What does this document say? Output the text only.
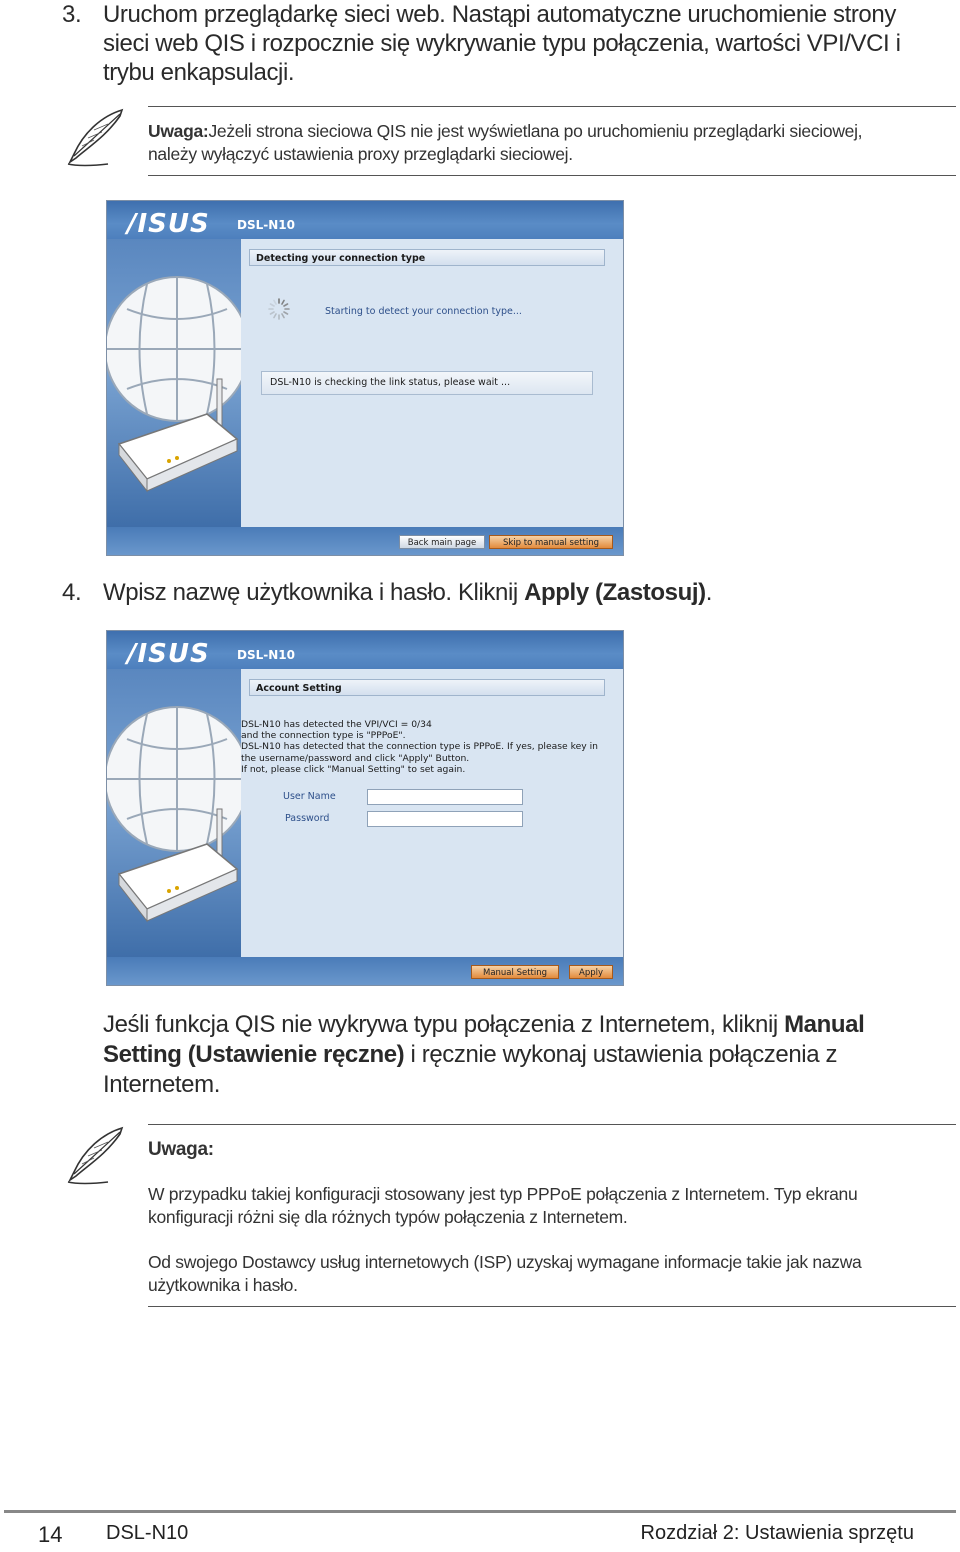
3. Uruchom przeglądarkę sieci web. Nastąpi automatyczne uruchomienie strony
sieci web QIS i rozpocznie się wykrywanie typu połączenia, wartości VPI/VCI i
trybu enkapsulacji.
Uwaga:Jeżeli strona sieciowa QIS nie jest wyświetlana po uruchomieniu przeglądarki sieciowej,
należy wyłączyć ustawienia proxy przeglądarki sieciowej.
/ISUS DSL-N10
Detecting your connection type
Starting to detect your connection type...
DSL-N10 is checking the link status, please wait ...
Back main page	Skip to manual setting
4. Wpisz nazwę użytkownika i hasło. Kliknij Apply (Zastosuj).
/ISUS DSL-N10
Account Setting
DSL-N10 has detected the VPI/VCI = 0/34
and the connection type is "PPPoE".
DSL-N10 has detected that the connection type is PPPoE. If yes, please key in
the username/password and click "Apply" Button.
If not, please click "Manual Setting" to set again.
User Name
Password
Manual Setting	Apply
Jeśli funkcja QIS nie wykrywa typu połączenia z Internetem, kliknij Manual
Setting (Ustawienie ręczne) i ręcznie wykonaj ustawienia połączenia z
Internetem.
Uwaga:
W przypadku takiej konfiguracji stosowany jest typ PPPoE połączenia z Internetem. Typ ekranu
konfiguracji różni się dla różnych typów połączenia z Internetem.
Od swojego Dostawcy usług internetowych (ISP) uzyskaj wymagane informacje takie jak nazwa
użytkownika i hasło.
14 DSL-N10	Rozdział 2: Ustawienia sprzętu
